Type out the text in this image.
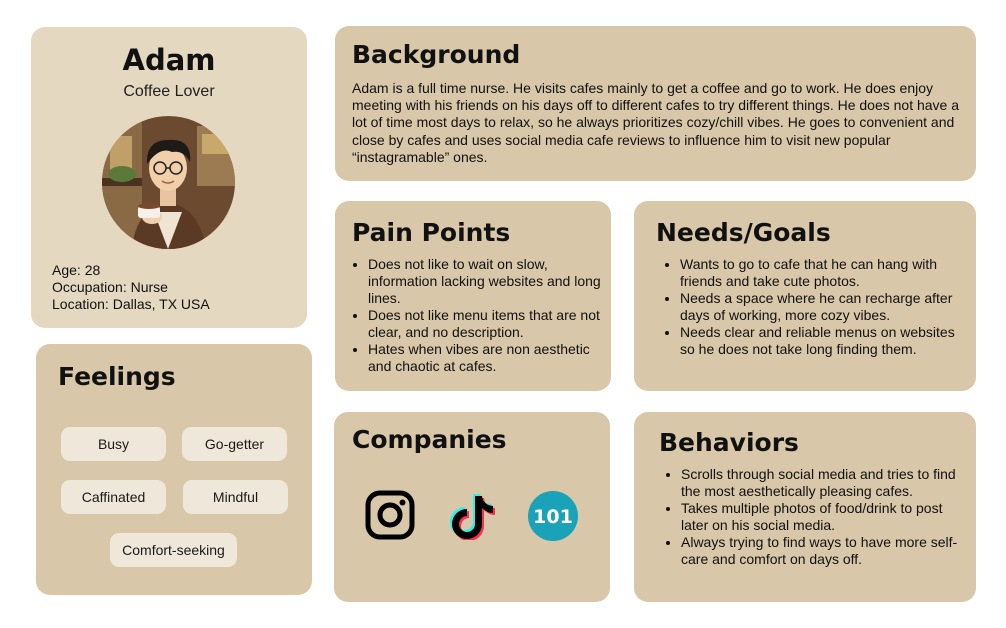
Adam
Coffee Lover
Age: 28
Occupation: Nurse
Location: Dallas, TX USA
Feelings
Busy	Go-getter
Caffinated	Mindful
Comfort-seeking
Background
Adam is a full time nurse. He visits cafes mainly to get a coffee and go to work. He does enjoy meeting with his friends on his days off to different cafes to try different things. He does not have a lot of time most days to relax, so he always prioritizes cozy/chill vibes. He goes to convenient and close by cafes and uses social media cafe reviews to influence him to visit new popular “instagramable” ones.
Pain Points
• Does not like to wait on slow, information lacking websites and long lines.
• Does not like menu items that are not clear, and no description.
• Hates when vibes are non aesthetic and chaotic at cafes.
Needs/Goals
• Wants to go to cafe that he can hang with friends and take cute photos.
• Needs a space where he can recharge after days of working, more cozy vibes.
• Needs clear and reliable menus on websites so he does not take long finding them.
Companies
101
Behaviors
• Scrolls through social media and tries to find the most aesthetically pleasing cafes.
• Takes multiple photos of food/drink to post later on his social media.
• Always trying to find ways to have more self-care and comfort on days off.
